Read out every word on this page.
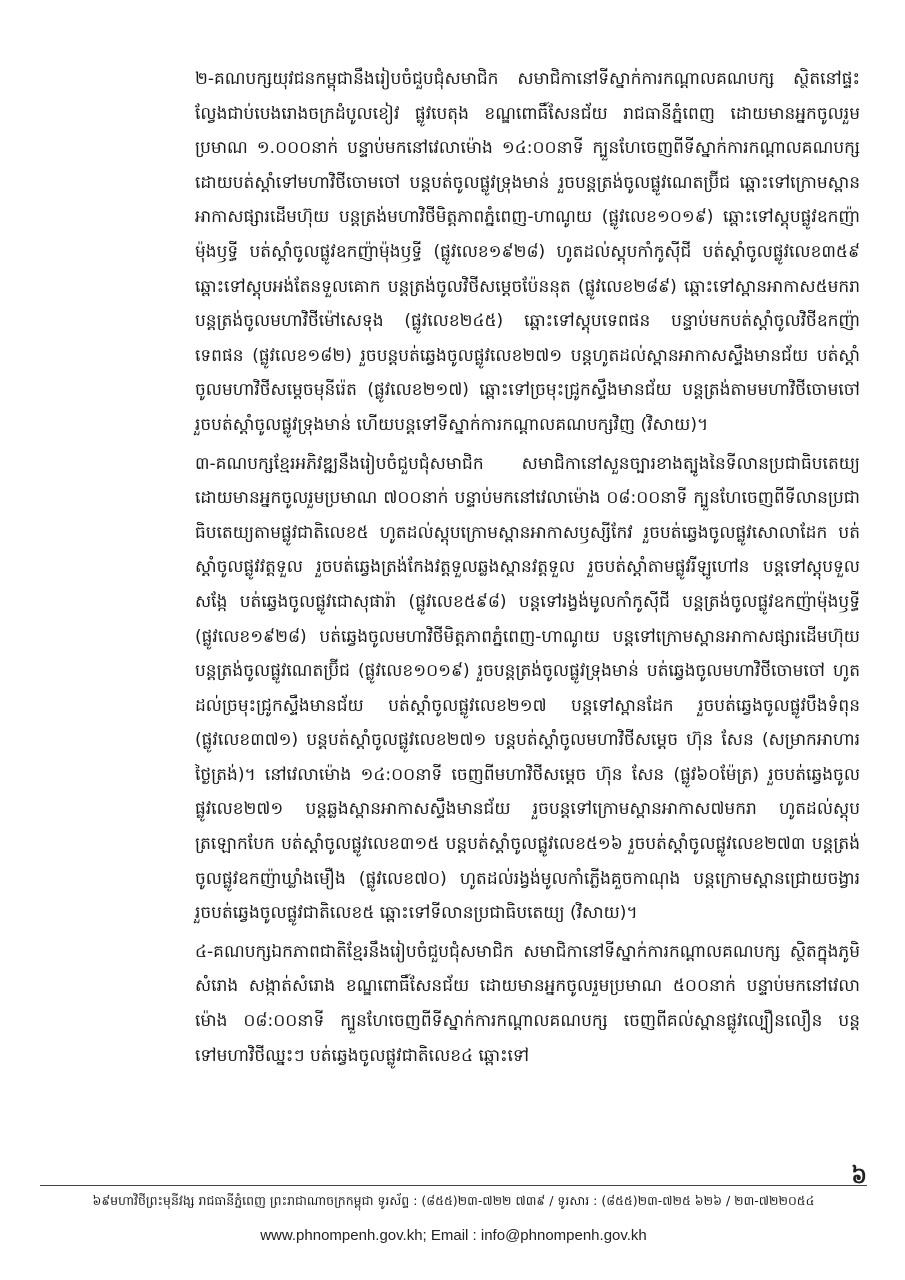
២-គណបក្សយុវជនកម្ពុជានឹងរៀបចំជួបជុំសមាជិក សមាជិកានៅទីស្នាក់ការកណ្ដាលគណបក្ស ស្ថិតនៅផ្ទះល្វែងជាប់បេងរោងចក្រដំបូលខៀវ ផ្លូវបេតុង ខណ្ឌពោធិ៍សែនជ័យ រាជធានីភ្នំពេញ ដោយមានអ្នកចូលរួមប្រមាណ ១.០០០នាក់ បន្ទាប់មកនៅវេលាម៉ោង ១៤:០០នាទី ក្បួនហែចេញពីទីស្នាក់ការកណ្ដាលគណបក្ស ដោយបត់ស្ដាំទៅមហាវិថីចោមចៅ បន្តបត់ចូលផ្លូវទ្រុងមាន់ រួចបន្តត្រង់ចូលផ្លូវណេតប្រ៊ីជ ឆ្ពោះទៅក្រោមស្ពានអាកាសផ្សារដើមហ៊ុយ បន្តត្រង់មហាវិថីមិត្តភាពភ្នំពេញ-ហាណូយ (ផ្លូវលេខ១០១៩) ឆ្ពោះទៅស្តុបផ្លូវឧកញ៉ាម៉ុងឫទ្ធី បត់ស្ដាំចូលផ្លូវឧកញ៉ាម៉ុងឫទ្ធី (ផ្លូវលេខ១៩២៨) ហូតដល់ស្តុបកាំកូស៊ីជី បត់ស្ដាំចូលផ្លូវលេខ៣៥៩ ឆ្ពោះទៅស្តុបអង់តែនទួលគោក បន្តត្រង់ចូលវិថីសម្ដេចប៉ែននុត (ផ្លូវលេខ២៨៩) ឆ្ពោះទៅស្ពានអាកាស៥មករា បន្តត្រង់ចូលមហាវិថីម៉ៅសេទុង (ផ្លូវលេខ២៤៥) ឆ្ពោះទៅស្តុបទេពផន បន្ទាប់មកបត់ស្ដាំចូលវិថីឧកញ៉ាទេពផន (ផ្លូវលេខ១៨២) រួចបន្តបត់ឆ្វេងចូលផ្លូវលេខ២៧១ បន្តហូតដល់ស្ពានអាកាសស្ទឹងមានជ័យ បត់ស្ដាំចូលមហាវិថីសម្ដេចមុនីរ៉េត (ផ្លូវលេខ២១៧) ឆ្ពោះទៅច្រមុះជ្រូកស្ទឹងមានជ័យ បន្តត្រង់តាមមហាវិថីចោមចៅ រួចបត់ស្ដាំចូលផ្លូវទ្រុងមាន់ ហើយបន្តទៅទីស្នាក់ការកណ្ដាលគណបក្សវិញ (វិសាយ)។

៣-គណបក្សខ្មែរអភិវឌ្ឍនឹងរៀបចំជួបជុំសមាជិក សមាជិកានៅសួនច្បារខាងត្បូងនៃទីលានប្រជាធិបតេយ្យ ដោយមានអ្នកចូលរួមប្រមាណ ៧០០នាក់ បន្ទាប់មកនៅវេលាម៉ោង ០៨:០០នាទី ក្បួនហែចេញពីទីលានប្រជាធិបតេយ្យតាមផ្លូវជាតិលេខ៥ ហូតដល់ស្តុបក្រោមស្ពានអាកាសឫស្សីកែវ រួចបត់ឆ្វេងចូលផ្លូវសោលាដែក បត់ស្ដាំចូលផ្លូវវត្តទួល រួចបត់ឆ្វេងត្រង់កែងវត្តទួលឆ្លងស្ពានវត្តទួល រួចបត់ស្ដាំតាមផ្លូវរីឡូហៅន បន្តទៅស្តុបទួលសង្កែ បត់ឆ្វេងចូលផ្លូវជោសុផារ៉ា (ផ្លូវលេខ៥៩៨) បន្តទៅរង្វង់មូលកាំកូស៊ីជី បន្តត្រង់ចូលផ្លូវឧកញ៉ាម៉ុងឫទ្ធី (ផ្លូវលេខ១៩២៨) បត់ឆ្វេងចូលមហាវិថីមិត្តភាពភ្នំពេញ-ហាណូយ បន្តទៅក្រោមស្ពានអាកាសផ្សារដើមហ៊ុយ បន្តត្រង់ចូលផ្លូវណេតប្រ៊ីជ (ផ្លូវលេខ១០១៩) រួចបន្តត្រង់ចូលផ្លូវទ្រុងមាន់ បត់ឆ្វេងចូលមហាវិថីចោមចៅ ហូតដល់ច្រមុះជ្រូកស្ទឹងមានជ័យ បត់ស្ដាំចូលផ្លូវលេខ២១៧ បន្តទៅស្ពានដែក រួចបត់ឆ្វេងចូលផ្លូវបឹងទំពុន (ផ្លូវលេខ៣៧១) បន្តបត់ស្ដាំចូលផ្លូវលេខ២៧១ បន្តបត់ស្ដាំចូលមហាវិថីសម្ដេច ហ៊ុន សែន (សម្រាកអាហារថ្ងៃត្រង់)។ នៅវេលាម៉ោង ១៤:០០នាទី ចេញពីមហាវិថីសម្ដេច ហ៊ុន សែន (ផ្លូវ៦០ម៉ែត្រ) រួចបត់ឆ្វេងចូលផ្លូវលេខ២៧១ បន្តឆ្លងស្ពានអាកាសស្ទឹងមានជ័យ រួចបន្តទៅក្រោមស្ពានអាកាស៧មករា ហូតដល់ស្តុបត្រឡោកបែក បត់ស្ដាំចូលផ្លូវលេខ៣១៥ បន្តបត់ស្ដាំចូលផ្លូវលេខ៥១៦ រួចបត់ស្ដាំចូលផ្លូវលេខ២៧៣ បន្តត្រង់ចូលផ្លូវឧកញ៉ាឃ្លាំងមឿង (ផ្លូវលេខ៧០) ហូតដល់រង្វង់មូលកាំភ្លើងគួចកាណុង បន្តក្រោមស្ពានជ្រោយចង្វារ រួចបត់ឆ្វេងចូលផ្លូវជាតិលេខ៥ ឆ្ពោះទៅទីលានប្រជាធិបតេយ្យ (វិសាយ)។

៤-គណបក្សឯកភាពជាតិខ្មែរនឹងរៀបចំជួបជុំសមាជិក សមាជិកានៅទីស្នាក់ការកណ្ដាលគណបក្ស ស្ថិតក្នុងភូមិសំរោង សង្កាត់សំរោង ខណ្ឌពោធិ៍សែនជ័យ ដោយមានអ្នកចូលរួមប្រមាណ ៥០០នាក់ បន្ទាប់មកនៅវេលាម៉ោង ០៨:០០នាទី ក្បួនហែចេញពីទីស្នាក់ការកណ្ដាលគណបក្ស ចេញពីគល់ស្ពានផ្លូវល្បឿនលឿន បន្តទៅមហាវិថីឈ្នះៗ បត់ឆ្វេងចូលផ្លូវជាតិលេខ៤ ឆ្ពោះទៅ

៦
៦៩មហាវិថីព្រះមុនីវង្ស រាជធានីភ្នំពេញ ព្រះរាជាណាចក្រកម្ពុជា ទូរស័ព្ទ : (៨៥៥)២៣-៧២២ ៧៣៩ / ទូរសារ : (៨៥៥)២៣-៧២៥ ៦២៦ / ២៣-៧២២០៥៤
www.phnompenh.gov.kh; Email : info@phnompenh.gov.kh
